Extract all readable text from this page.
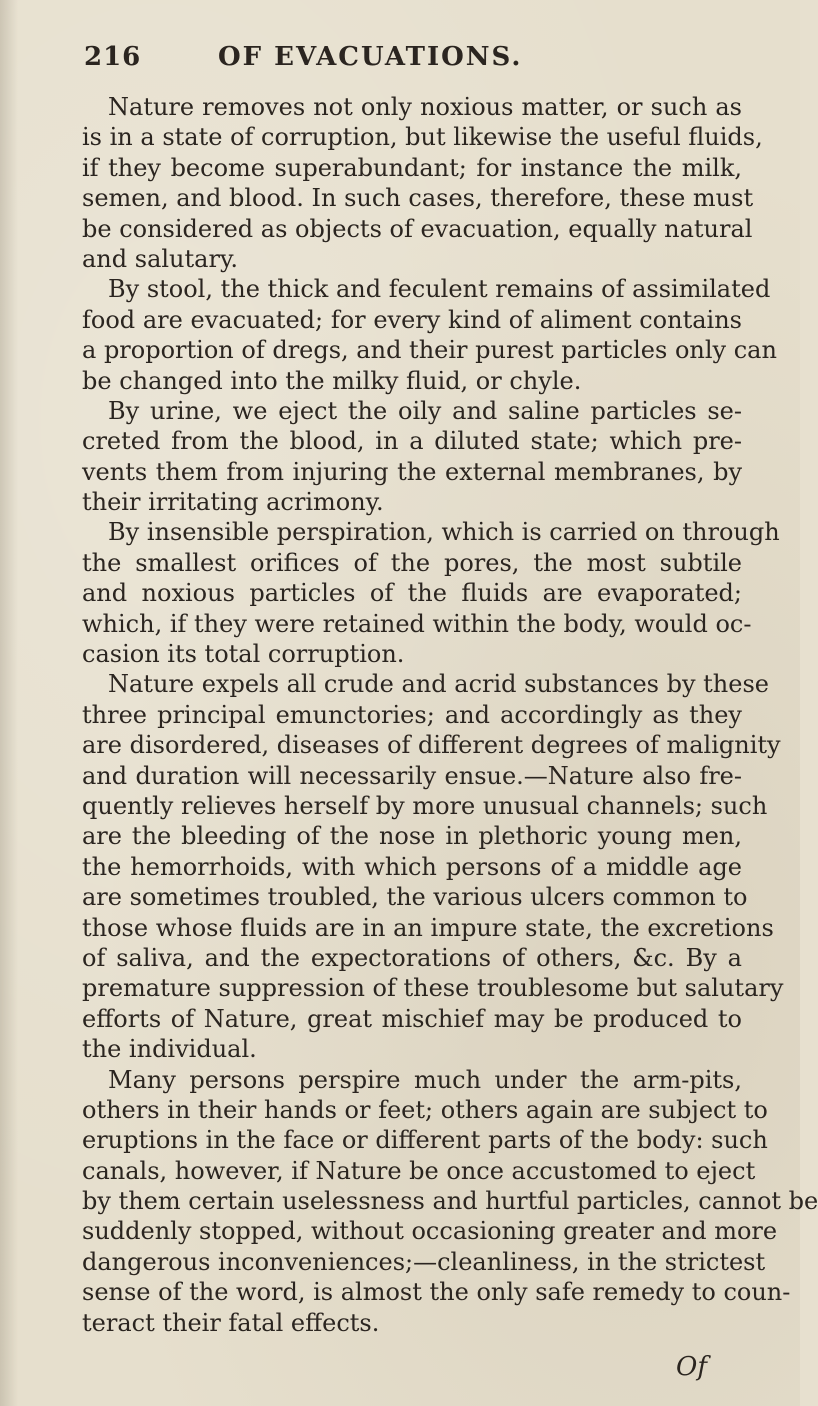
216	OF EVACUATIONS.
Nature removes not only noxious matter, or such as
is in a state of corruption, but likewise the useful fluids,
if they become superabundant; for instance the milk,
semen, and blood. In such cases, therefore, these must
be considered as objects of evacuation, equally natural
and salutary.
By stool, the thick and feculent remains of assimilated
food are evacuated; for every kind of aliment contains
a proportion of dregs, and their purest particles only can
be changed into the milky fluid, or chyle.
By urine, we eject the oily and saline particles se-
creted from the blood, in a diluted state; which pre-
vents them from injuring the external membranes, by
their irritating acrimony.
By insensible perspiration, which is carried on through
the smallest orifices of the pores, the most subtile
and noxious particles of the fluids are evaporated;
which, if they were retained within the body, would oc-
casion its total corruption.
Nature expels all crude and acrid substances by these
three principal emunctories; and accordingly as they
are disordered, diseases of different degrees of malignity
and duration will necessarily ensue.—Nature also fre-
quently relieves herself by more unusual channels; such
are the bleeding of the nose in plethoric young men,
the hemorrhoids, with which persons of a middle age
are sometimes troubled, the various ulcers common to
those whose fluids are in an impure state, the excretions
of saliva, and the expectorations of others, &c. By a
premature suppression of these troublesome but salutary
efforts of Nature, great mischief may be produced to
the individual.
Many persons perspire much under the arm-pits,
others in their hands or feet; others again are subject to
eruptions in the face or different parts of the body: such
canals, however, if Nature be once accustomed to eject
by them certain uselessness and hurtful particles, cannot be
suddenly stopped, without occasioning greater and more
dangerous inconveniences;—cleanliness, in the strictest
sense of the word, is almost the only safe remedy to coun-
teract their fatal effects.
Of
